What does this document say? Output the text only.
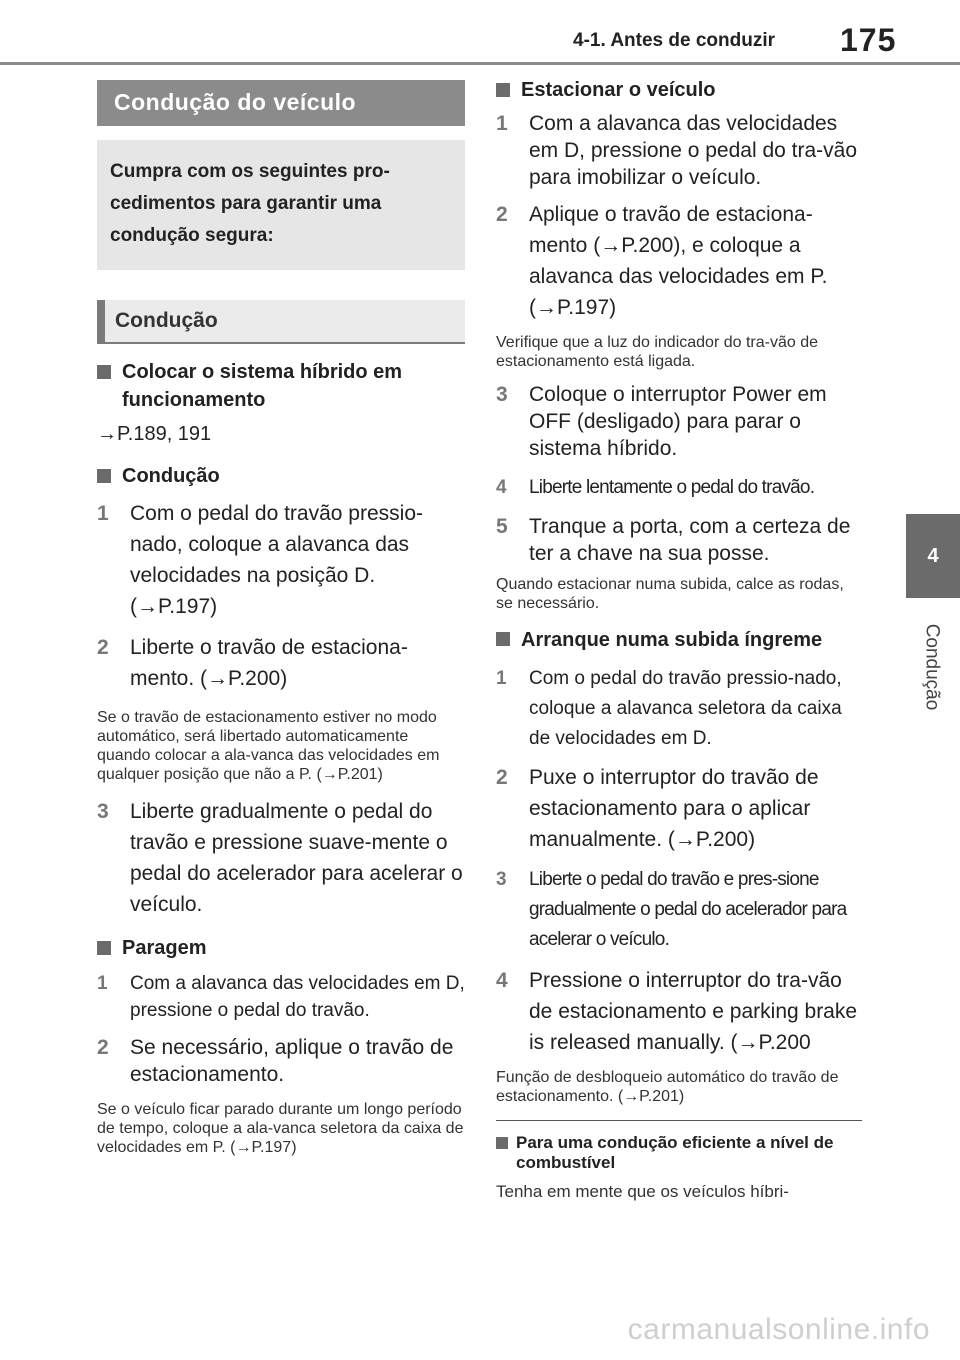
4-1. Antes de conduzir 175
4
Condução
Condução do veículo
Cumpra com os seguintes pro-cedimentos para garantir uma condução segura:
Condução
Colocar o sistema híbrido em funcionamento
→P.189, 191
Condução
1	Com o pedal do travão pressio-nado, coloque a alavanca das velocidades na posição D. (→P.197)
2	Liberte o travão de estaciona-mento. (→P.200)
Se o travão de estacionamento estiver no modo automático, será libertado automaticamente quando colocar a ala-vanca das velocidades em qualquer posição que não a P. (→P.201)
3	Liberte gradualmente o pedal do travão e pressione suave-mente o pedal do acelerador para acelerar o veículo.
Paragem
1	Com a alavanca das velocidades em D, pressione o pedal do travão.
2	Se necessário, aplique o travão de estacionamento.
Se o veículo ficar parado durante um longo período de tempo, coloque a ala-vanca seletora da caixa de velocidades em P. (→P.197)
Estacionar o veículo
1	Com a alavanca das velocidades em D, pressione o pedal do tra-vão para imobilizar o veículo.
2	Aplique o travão de estaciona-mento (→P.200), e coloque a alavanca das velocidades em P. (→P.197)
Verifique que a luz do indicador do tra-vão de estacionamento está ligada.
3	Coloque o interruptor Power em OFF (desligado) para parar o sistema híbrido.
4	Liberte lentamente o pedal do travão.
5	Tranque a porta, com a certeza de ter a chave na sua posse.
Quando estacionar numa subida, calce as rodas, se necessário.
Arranque numa subida íngreme
1	Com o pedal do travão pressio-nado, coloque a alavanca seletora da caixa de velocidades em D.
2	Puxe o interruptor do travão de estacionamento para o aplicar manualmente. (→P.200)
3	Liberte o pedal do travão e pres-sione gradualmente o pedal do acelerador para acelerar o veículo.
4	Pressione o interruptor do tra-vão de estacionamento e parking brake is released manually. (→P.200
Função de desbloqueio automático do travão de estacionamento. (→P.201)
Para uma condução eficiente a nível de combustível
Tenha em mente que os veículos híbri-
carmanualsonline.info
